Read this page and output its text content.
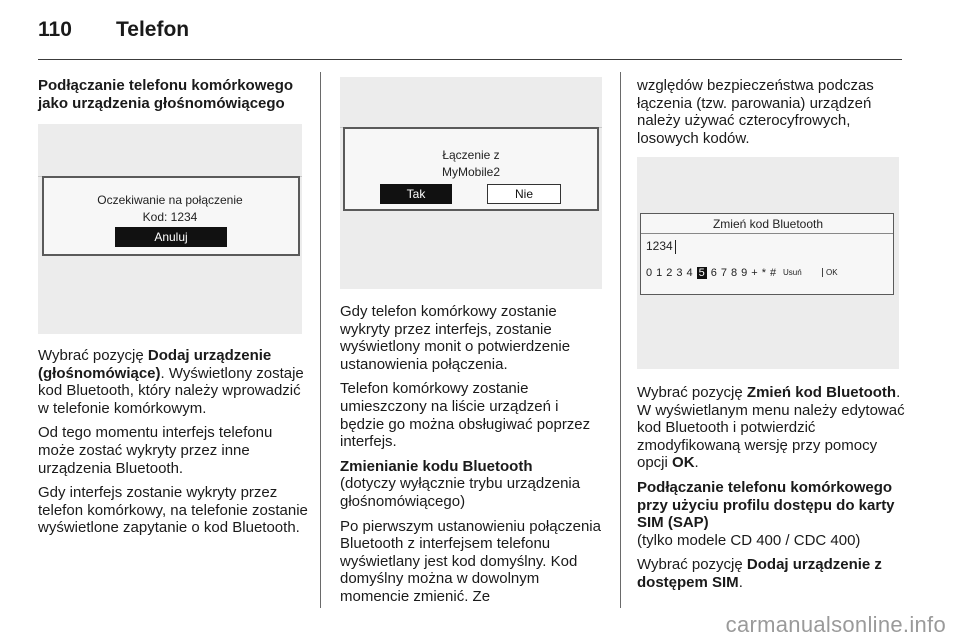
110 Telefon
Podłączanie telefonu komórkowego
jako urządzenia głośnomówiącego
Oczekiwanie na połączenie
Kod: 1234
Anuluj

Wybrać pozycję Dodaj urządzenie (głośnomówiące). Wyświetlony zostaje kod Bluetooth, który należy wprowadzić w telefonie komórkowym.

Od tego momentu interfejs telefonu może zostać wykryty przez inne urządzenia Bluetooth.

Gdy interfejs zostanie wykryty przez telefon komórkowy, na telefonie zostanie wyświetlone zapytanie o kod Bluetooth.

Łączenie z
MyMobile2
Tak	Nie

Gdy telefon komórkowy zostanie wykryty przez interfejs, zostanie wyświetlony monit o potwierdzenie ustanowienia połączenia.

Telefon komórkowy zostanie umieszczony na liście urządzeń i będzie go można obsługiwać poprzez interfejs.

Zmienianie kodu Bluetooth

(dotyczy wyłącznie trybu urządzenia głośnomówiącego)

Po pierwszym ustanowieniu połączenia Bluetooth z interfejsem telefonu wyświetlany jest kod domyślny. Kod domyślny można w dowolnym momencie zmienić. Ze

względów bezpieczeństwa podczas łączenia (tzw. parowania) urządzeń należy używać czterocyfrowych, losowych kodów.

Zmień kod Bluetooth
1234
0 1 2 3 4 5 6 7 8 9 + * # Usuń	OK

Wybrać pozycję Zmień kod Bluetooth. W wyświetlanym menu należy edytować kod Bluetooth i potwierdzić zmodyfikowaną wersję przy pomocy opcji OK.

Podłączanie telefonu komórkowego przy użyciu profilu dostępu do karty SIM (SAP)

(tylko modele CD 400 / CDC 400)

Wybrać pozycję Dodaj urządzenie z dostępem SIM.

carmanualsonline.info
